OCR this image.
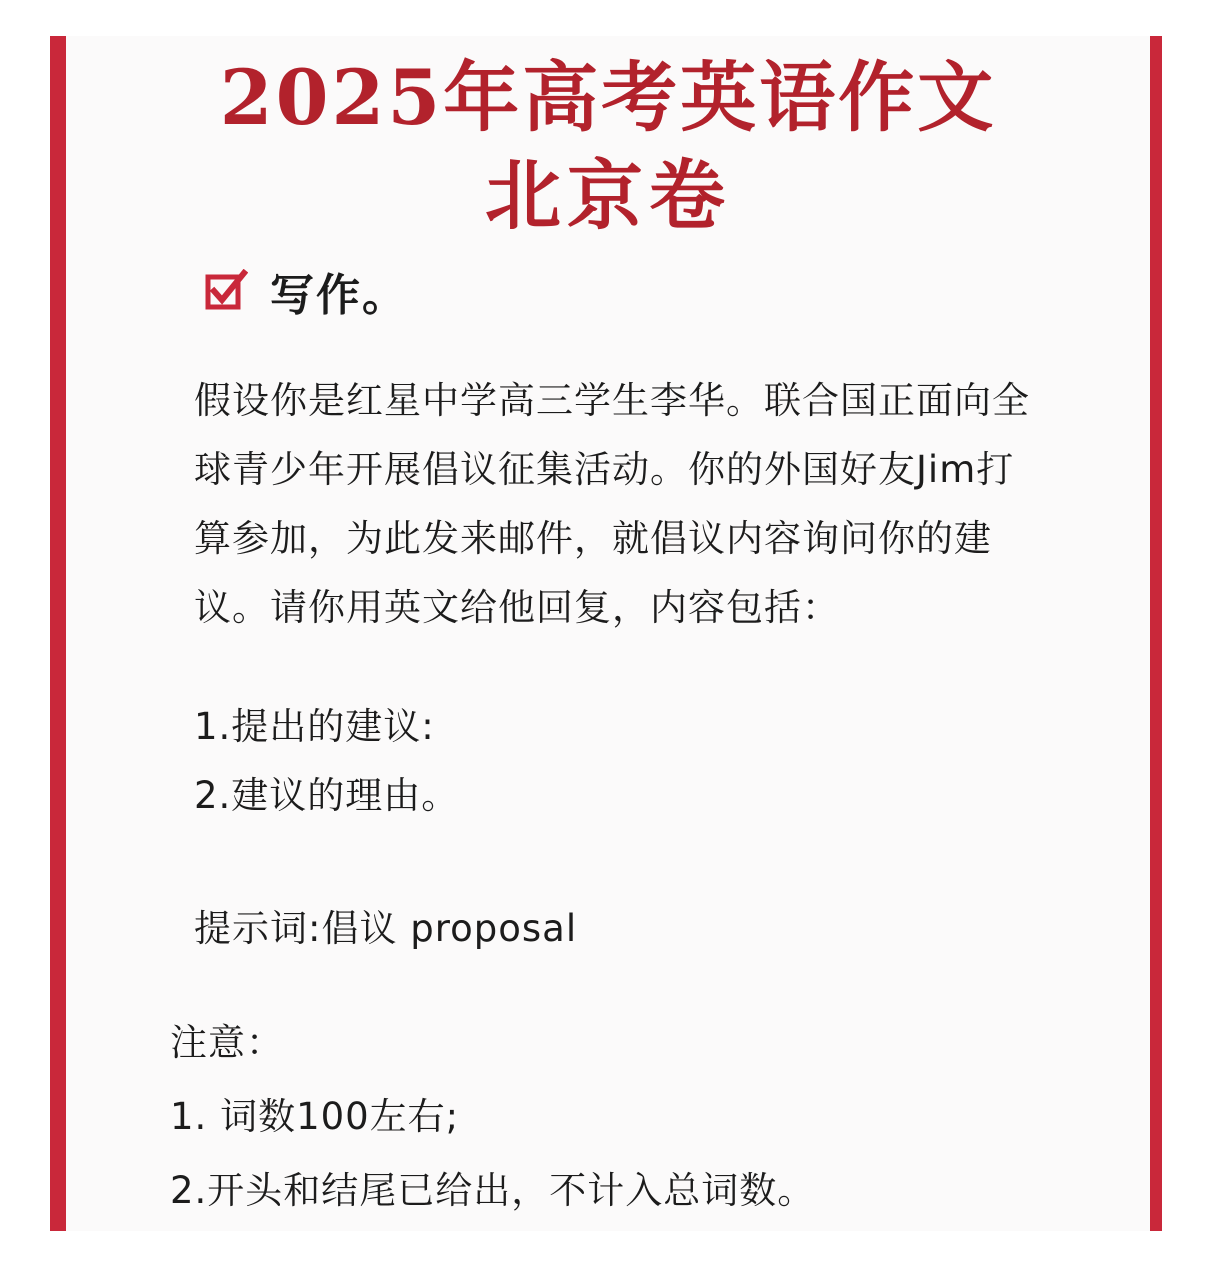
2025年高考英语作文
北京卷
写作。
假设你是红星中学高三学生李华。联合国正面向全
球青少年开展倡议征集活动。你的外国好友Jim打
算参加，为此发来邮件，就倡议内容询问你的建
议。请你用英文给他回复，内容包括：
1.提出的建议:
2.建议的理由。
提示词:倡议 proposal
注意：
1. 词数100左右;
2.开头和结尾已给出，不计入总词数。
